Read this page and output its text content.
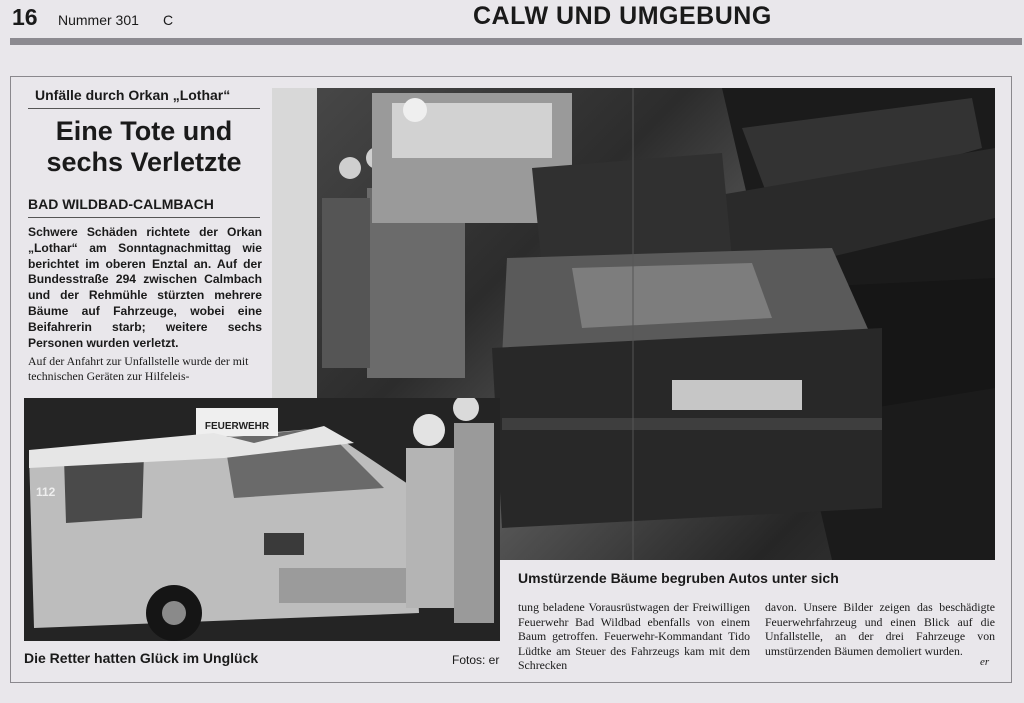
16 Nummer 301 C	CALW UND UMGEBUNG
Unfälle durch Orkan „Lothar“
Eine Tote und
sechs Verletzte
BAD WILDBAD-CALMBACH
Schwere Schäden richtete der Orkan „Lothar“ am Sonntagnachmittag wie berichtet im oberen Enztal an. Auf der Bundesstraße 294 zwischen Calmbach und der Rehmühle stürzten mehrere Bäume auf Fahrzeuge, wobei eine Beifahrerin starb; weitere sechs Personen wurden verletzt.
Auf der Anfahrt zur Unfallstelle wurde der mit technischen Geräten zur Hilfeleis-
FEUERWEHR
112
Umstürzende Bäume begruben Autos unter sich
tung beladene Vorausrüstwagen der Freiwilligen Feuerwehr Bad Wildbad ebenfalls von einem Baum getroffen. Feuerwehr-Kommandant Tido Lüdtke am Steuer des Fahrzeugs kam mit dem Schrecken
davon. Unsere Bilder zeigen das beschädigte Feuerwehrfahrzeug und einen Blick auf die Unfallstelle, an der drei Fahrzeuge von umstürzenden Bäumen demoliert wurden.
er
Die Retter hatten Glück im Unglück	Fotos: er
